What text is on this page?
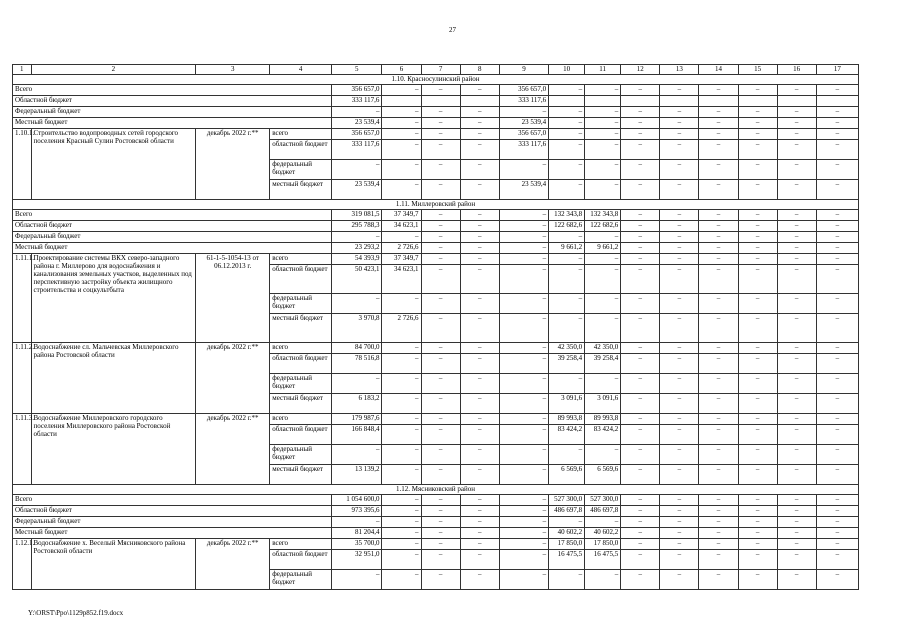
27
1	2	3	4	5	6	7	8	9	10	11	12	13	14	15	16	17
1.10. Красносулинский район																
Всего				356 657,0	–	–	–	356 657,0	–	–	–	–	–	–	–	–
Областной бюджет				333 117,6				333 117,6								
Федеральный бюджет				–	–	–	–	–	–	–	–	–	–	–	–	–
Местный бюджет				23 539,4	–	–	–	23 539,4	–	–	–	–	–	–	–	–
1.10.1.	Строительство водопроводных сетей городского поселения Красный Сулин Ростовской области	декабрь 2022 г.**	всего	356 657,0	–	–	–	356 657,0	–	–	–	–	–	–	–	–
			областной бюджет	333 117,6	–	–	–	333 117,6	–	–	–	–	–	–	–	–
			федеральный бюджет	–	–	–	–	–	–	–	–	–	–	–	–	–
			местный бюджет	23 539,4	–	–	–	23 539,4	–	–	–	–	–	–	–	–
1.11. Миллеровский район																
Всего				319 081,5	37 349,7	–	–	–	132 343,8	132 343,8	–	–	–	–	–	–
Областной бюджет				295 788,3	34 623,1	–	–	–	122 682,6	122 682,6	–	–	–	–	–	–
Федеральный бюджет				–	–	–	–	–	–	–	–	–	–	–	–	–
Местный бюджет				23 293,2	2 726,6	–	–	–	9 661,2	9 661,2	–	–	–	–	–	–
1.11.1.	Проектирование системы ВКХ северо-западного района г. Миллерово для водоснабжения и канализования земельных участков, выделенных под перспективную застройку объекта жилищного строительства и соцкультбыта	61-1-5-1054-13 от 06.12.2013 г.	всего	54 393,9	37 349,7	–	–	–	–	–	–	–	–	–	–	–
			областной бюджет	50 423,1	34 623,1	–	–	–	–	–	–	–	–	–	–	–
			федеральный бюджет	–	–	–	–	–	–	–	–	–	–	–	–	–
			местный бюджет	3 970,8	2 726,6	–	–	–	–	–	–	–	–	–	–	–
1.11.2.	Водоснабжение сл. Мальчевская Миллеровского района Ростовской области	декабрь 2022 г.**	всего	84 700,0	–	–	–	–	42 350,0	42 350,0	–	–	–	–	–	–
			областной бюджет	78 516,8	–	–	–	–	39 258,4	39 258,4	–	–	–	–	–	–
			федеральный бюджет	–	–	–	–	–	–	–	–	–	–	–	–	–
			местный бюджет	6 183,2	–	–	–	–	3 091,6	3 091,6	–	–	–	–	–	–
1.11.3.	Водоснабжение Миллеровского городского поселения Миллеровского района Ростовской области	декабрь 2022 г.**	всего	179 987,6	–	–	–	–	89 993,8	89 993,8	–	–	–	–	–	–
			областной бюджет	166 848,4	–	–	–	–	83 424,2	83 424,2	–	–	–	–	–	–
			федеральный бюджет	–	–	–	–	–	–	–	–	–	–	–	–	–
			местный бюджет	13 139,2	–	–	–	–	6 569,6	6 569,6	–	–	–	–	–	–
1.12. Мясниковский район																
Всего				1 054 600,0	–	–	–	–	527 300,0	527 300,0	–	–	–	–	–	–
Областной бюджет				973 395,6	–	–	–	–	486 697,8	486 697,8	–	–	–	–	–	–
Федеральный бюджет				–	–	–	–	–	–	–	–	–	–	–	–	–
Местный бюджет				81 204,4	–	–	–	–	40 602,2	40 602,2	–	–	–	–	–	–
1.12.1.	Водоснабжение х. Веселый Мясниковского района Ростовской области	декабрь 2022 г.**	всего	35 700,0	–	–	–	–	17 850,0	17 850,0	–	–	–	–	–	–
			областной бюджет	32 951,0	–	–	–	–	16 475,5	16 475,5	–	–	–	–	–	–
			федеральный бюджет	–	–	–	–	–	–	–	–	–	–	–	–	–
Y:\ORST\Ppo\1129p852.f19.docx
